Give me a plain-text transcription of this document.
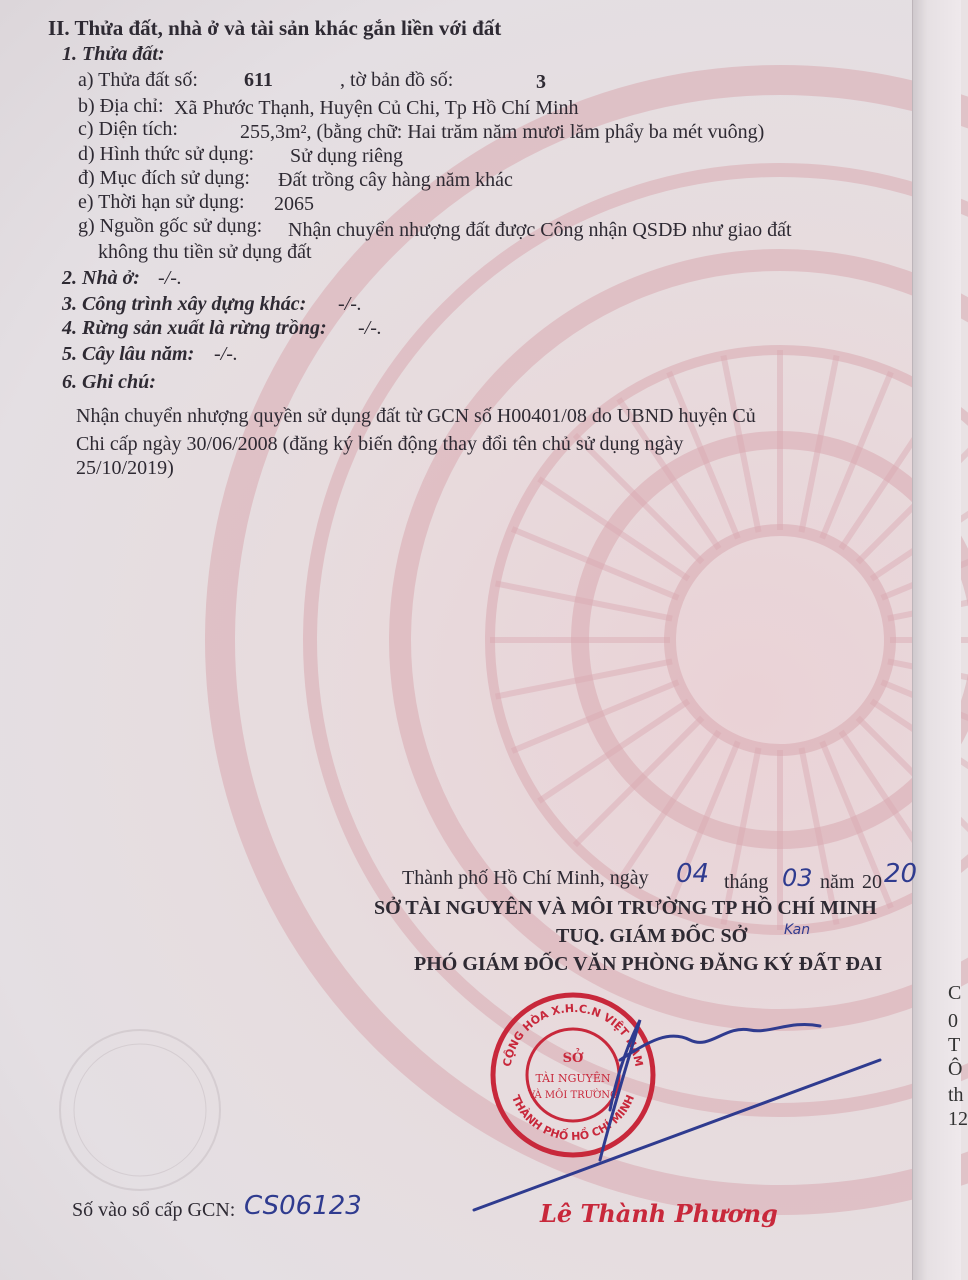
C
0
T
Ô
th
12
II. Thửa đất, nhà ở và tài sản khác gắn liền với đất
1. Thửa đất:
a) Thửa đất số: 611	, tờ bản đồ số:	3
b) Địa chỉ: Xã Phước Thạnh, Huyện Củ Chi, Tp Hồ Chí Minh
c) Diện tích:	255,3m², (bằng chữ: Hai trăm năm mươi lăm phẩy ba mét vuông)
d) Hình thức sử dụng: Sử dụng riêng
đ) Mục đích sử dụng: Đất trồng cây hàng năm khác
e) Thời hạn sử dụng: 2065
g) Nguồn gốc sử dụng: Nhận chuyển nhượng đất được Công nhận QSDĐ như giao đất
không thu tiền sử dụng đất
2. Nhà ở: -/-.
3. Công trình xây dựng khác: -/-.
4. Rừng sản xuất là rừng trồng: -/-.
5. Cây lâu năm: -/-.
6. Ghi chú:
Nhận chuyển nhượng quyền sử dụng đất từ GCN số H00401/08 do UBND huyện Củ
Chi cấp ngày 30/06/2008 (đăng ký biến động thay đổi tên chủ sử dụng ngày
25/10/2019)
Thành phố Hồ Chí Minh, ngày 04 tháng 03 năm 20 20
SỞ TÀI NGUYÊN VÀ MÔI TRƯỜNG TP HỒ CHÍ MINH
TUQ. GIÁM ĐỐC SỞ	Kan
PHÓ GIÁM ĐỐC VĂN PHÒNG ĐĂNG KÝ ĐẤT ĐAI
CỘNG HÒA X.H.C.N VIỆT NAM
THÀNH PHỐ HỒ CHÍ MINH
SỞ
TÀI NGUYÊN
VÀ MÔI TRƯỜNG
Lê Thành Phương
Số vào sổ cấp GCN: CS06123
